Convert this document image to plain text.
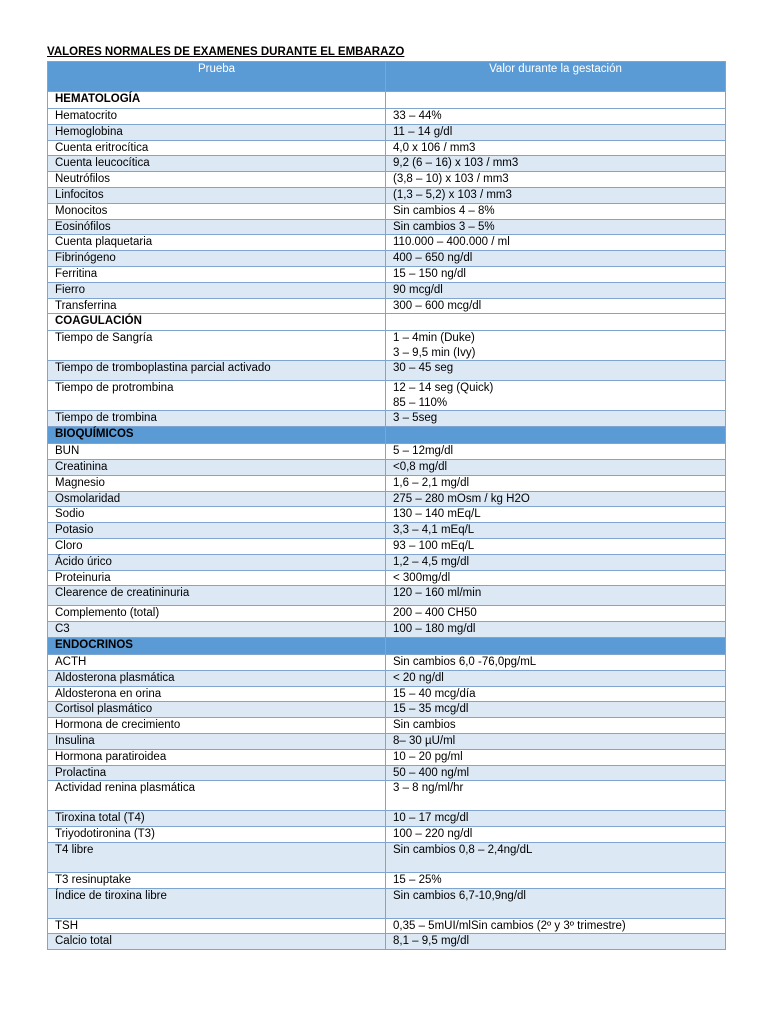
VALORES NORMALES DE EXAMENES DURANTE EL EMBARAZO
Prueba	Valor durante la gestación
HEMATOLOGÍA	
Hematocrito	33 – 44%

Hemoglobina	11 – 14 g/dl

Cuenta eritrocítica	4,0 x 106 / mm3

Cuenta leucocítica	9,2 (6 – 16) x 103 / mm3

Neutrófilos	(3,8 – 10) x 103 / mm3

Linfocitos	(1,3 – 5,2) x 103 / mm3

Monocitos	Sin cambios 4 – 8%

Eosinófilos	Sin cambios 3 – 5%

Cuenta plaquetaria	110.000 – 400.000 / ml

Fibrinógeno	400 – 650 ng/dl

Ferritina	15 – 150 ng/dl

Fierro	90 mcg/dl

Transferrina	300 – 600 mcg/dl

COAGULACIÓN	
Tiempo de Sangría	1 – 4min (Duke)
3 – 9,5 min (Ivy)

Tiempo de tromboplastina parcial activado	30 – 45 seg

Tiempo de protrombina	12 – 14 seg (Quick)
85 – 110%

Tiempo de trombina	3 – 5seg

BIOQUÍMICOS	
BUN	5 – 12mg/dl

Creatinina	<0,8 mg/dl

Magnesio	1,6 – 2,1 mg/dl

Osmolaridad	275 – 280 mOsm / kg H2O

Sodio	130 – 140 mEq/L

Potasio	3,3 – 4,1 mEq/L

Cloro	93 – 100 mEq/L

Ácido úrico	1,2 – 4,5 mg/dl

Proteinuria	< 300mg/dl

Clearence de creatininuria	120 – 160 ml/min

Complemento (total)	200 – 400 CH50

C3	100 – 180 mg/dl

ENDOCRINOS	
ACTH	Sin cambios 6,0 -76,0pg/mL

Aldosterona plasmática	< 20 ng/dl

Aldosterona en orina	15 – 40 mcg/día

Cortisol plasmático	15 – 35 mcg/dl

Hormona de crecimiento	Sin cambios

Insulina	8– 30 µU/ml

Hormona paratiroidea	10 – 20 pg/ml

Prolactina	50 – 400 ng/ml

Actividad renina plasmática	3 – 8 ng/ml/hr

Tiroxina total (T4)	10 – 17 mcg/dl

Triyodotironina (T3)	100 – 220 ng/dl

T4 libre	Sin cambios 0,8 – 2,4ng/dL

T3 resinuptake	15 – 25%

Índice de tiroxina libre	Sin cambios 6,7-10,9ng/dl

TSH	0,35 – 5mUI/mlSin cambios (2º y 3º trimestre)

Calcio total	8,1 – 9,5 mg/dl
